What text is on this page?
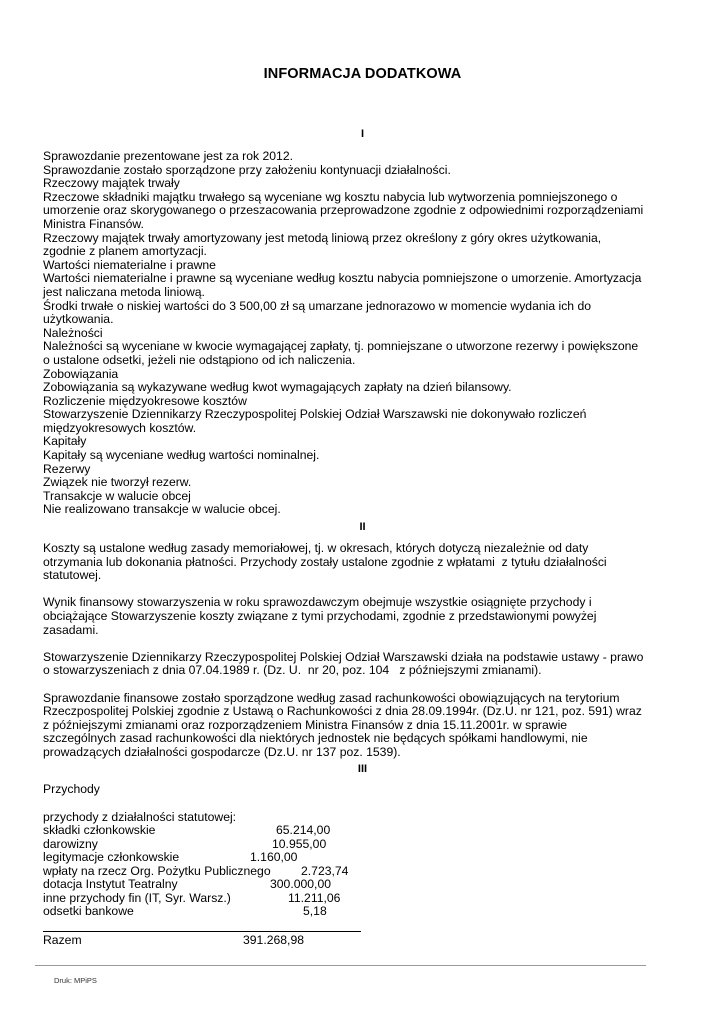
INFORMACJA DODATKOWA
I
Sprawozdanie prezentowane jest za rok 2012.
Sprawozdanie zostało sporządzone przy założeniu kontynuacji działalności.
Rzeczowy majątek trwały
Rzeczowe składniki majątku trwałego są wyceniane wg kosztu nabycia lub wytworzenia pomniejszonego o
umorzenie oraz skorygowanego o przeszacowania przeprowadzone zgodnie z odpowiednimi rozporządzeniami
Ministra Finansów.
Rzeczowy majątek trwały amortyzowany jest metodą liniową przez określony z góry okres użytkowania,
zgodnie z planem amortyzacji.
Wartości niematerialne i prawne
Wartości niematerialne i prawne są wyceniane według kosztu nabycia pomniejszone o umorzenie. Amortyzacja
jest naliczana metoda liniową.
Środki trwałe o niskiej wartości do 3 500,00 zł są umarzane jednorazowo w momencie wydania ich do
użytkowania.
Należności
Należności są wyceniane w kwocie wymagającej zapłaty, tj. pomniejszane o utworzone rezerwy i powiększone
o ustalone odsetki, jeżeli nie odstąpiono od ich naliczenia.
Zobowiązania
Zobowiązania są wykazywane według kwot wymagających zapłaty na dzień bilansowy.
Rozliczenie międzyokresowe kosztów
Stowarzyszenie Dziennikarzy Rzeczypospolitej Polskiej Odział Warszawski nie dokonywało rozliczeń
międzyokresowych kosztów.
Kapitały
Kapitały są wyceniane według wartości nominalnej.
Rezerwy
Związek nie tworzył rezerw.
Transakcje w walucie obcej
Nie realizowano transakcje w walucie obcej.
II
Koszty są ustalone według zasady memoriałowej, tj. w okresach, których dotyczą niezależnie od daty
otrzymania lub dokonania płatności. Przychody zostały ustalone zgodnie z wpłatami  z tytułu działalności
statutowej.
Wynik finansowy stowarzyszenia w roku sprawozdawczym obejmuje wszystkie osiągnięte przychody i
obciążające Stowarzyszenie koszty związane z tymi przychodami, zgodnie z przedstawionymi powyżej
zasadami.
Stowarzyszenie Dziennikarzy Rzeczypospolitej Polskiej Odział Warszawski działa na podstawie ustawy - prawo
o stowarzyszeniach z dnia 07.04.1989 r. (Dz. U.  nr 20, poz. 104   z późniejszymi zmianami).
Sprawozdanie finansowe zostało sporządzone według zasad rachunkowości obowiązujących na terytorium
Rzeczpospolitej Polskiej zgodnie z Ustawą o Rachunkowości z dnia 28.09.1994r. (Dz.U. nr 121, poz. 591) wraz
z późniejszymi zmianami oraz rozporządzeniem Ministra Finansów z dnia 15.11.2001r. w sprawie
szczególnych zasad rachunkowości dla niektórych jednostek nie będących spółkami handlowymi, nie
prowadzących działalności gospodarcze (Dz.U. nr 137 poz. 1539).
III
Przychody
przychody z działalności statutowej:
składki członkowskie	65.214,00
darowizny	10.955,00
legitymacje członkowskie	1.160,00
wpłaty na rzecz Org. Pożytku Publicznego 2.723,74
dotacja Instytut Teatralny	300.000,00
inne przychody fin (IT, Syr. Warsz.)	11.211,06
odsetki bankowe	5,18
Razem	391.268,98
Druk: MPiPS
